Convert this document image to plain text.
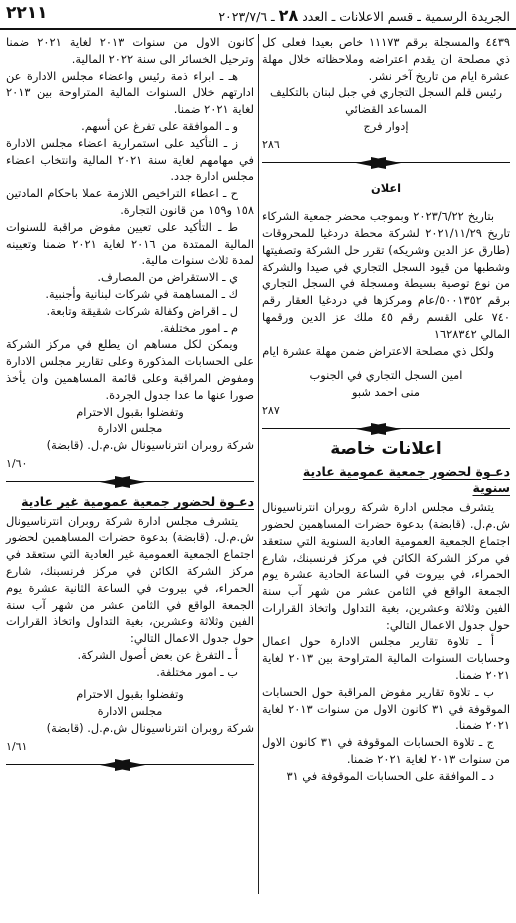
الجريدة الرسمية ـ قسم الاعلانات ـ العدد ٢٨ ـ ٢٠٢٣/٧/٦
٢٢١١

٤٤٣٩ والمسجلة برقم ١١١٧٣ خاص بعيدا فعلى كل ذي مصلحة ان يقدم اعتراضه وملاحظاته خلال مهلة عشرة ايام من تاريخ آخر نشر.

رئيس قلم السجل التجاري في جبل لبنان بالتكليف

المساعد القضائي

إدوار فرج

٢٨٦

اعلان

بتاريخ ٢٠٢٣/٦/٢٢ وبموجب محضر جمعية الشركاء تاريخ ٢٠٢١/١١/٢٩ لشركة محطة دردغيا للمحروقات (طارق عز الدين وشريكه) تقرر حل الشركة وتصفيتها وشطبها من قيود السجل التجاري في صيدا والشركة من نوع توصية بسيطة ومسجلة في السجل التجاري برقم ٥٠٠١٣٥٢/عام ومركزها في دردغيا العقار رقم ٧٤٠ على القسم رقم ٤٥ ملك عز الدين ورقمها المالي ١٦٢٨٣٤٢

ولكل ذي مصلحة الاعتراض ضمن مهلة عشرة ايام

امين السجل التجاري في الجنوب

منى احمد شبو

٢٨٧
اعلانات خاصة
دعـوة لحضور جمعية عمومية عادية سنوية

يتشرف مجلس ادارة شركة روبران انترناسيونال ش.م.ل. (قابضة) بدعوة حضرات المساهمين لحضور اجتماع الجمعية العمومية العادية السنوية التي ستعقد في مركز الشركة الكائن في مركز فرنسبنك، شارع الحمراء، في بيروت في الساعة الحادية عشرة يوم الجمعة الواقع في الثامن عشر من شهر آب سنة الفين وثلاثة وعشرين، بغية التداول واتخاذ القرارات حول جدول الاعمال التالي:

أ ـ تلاوة تقارير مجلس الادارة حول اعمال وحسابات السنوات المالية المتراوحة بين ٢٠١٣ لغاية ٢٠٢١ ضمنا.

ب ـ تلاوة تقارير مفوض المراقبة حول الحسابات الموقوفة في ٣١ كانون الاول من سنوات ٢٠١٣ لغاية ٢٠٢١ ضمنا.

ج ـ تلاوة الحسابات الموقوفة في ٣١ كانون الاول من سنوات ٢٠١٣ لغاية ٢٠٢١ ضمنا.

د ـ الموافقة على الحسابات الموقوفة في ٣١

كانون الاول من سنوات ٢٠١٣ لغاية ٢٠٢١ ضمنا وترحيل الخسائر الى سنة ٢٠٢٢ المالية.

هـ ـ ابراء ذمة رئيس واعضاء مجلس الادارة عن ادارتهم خلال السنوات المالية المتراوحة بين ٢٠١٣ لغاية ٢٠٢١ ضمنا.

و ـ الموافقة على تفرغ عن أسهم.

ز ـ التأكيد على استمرارية اعضاء مجلس الادارة في مهامهم لغاية سنة ٢٠٢١ المالية وانتخاب اعضاء مجلس ادارة جدد.

ح ـ اعطاء التراخيص اللازمة عملا باحكام المادتين ١٥٨ و١٥٩ من قانون التجارة.

ط ـ التأكيد على تعيين مفوض مراقبة للسنوات المالية الممتدة من ٢٠١٦ لغاية ٢٠٢١ ضمنا وتعيينه لمدة ثلاث سنوات مالية.

ي ـ الاستقراض من المصارف.

ك ـ المساهمة في شركات لبنانية وأجنبية.

ل ـ اقراض وكفالة شركات شقيقة وتابعة.

م ـ امور مختلفة.

ويمكن لكل مساهم ان يطلع في مركز الشركة على الحسابات المذكورة وعلى تقارير مجلس الادارة ومفوض المراقبة وعلى قائمة المساهمين وان يأخذ صورا عنها ما عدا جدول الجردة.

وتفضلوا بقبول الاحترام

مجلس الادارة

شركة روبران انترناسيونال ش.م.ل. (قابضة)

١/٦٠
دعـوة لحضور جمعية عمومية غير عادية

يتشرف مجلس ادارة شركة روبران انترناسيونال ش.م.ل. (قابضة) بدعوة حضرات المساهمين لحضور اجتماع الجمعية العمومية غير العادية التي ستعقد في مركز الشركة الكائن في مركز فرنسبنك، شارع الحمراء، في بيروت في الساعة الثانية عشرة يوم الجمعة الواقع في الثامن عشر من شهر آب سنة الفين وثلاثة وعشرين، بغية التداول واتخاذ القرارات حول جدول الاعمال التالي:

أ ـ التفرغ عن بعض أصول الشركة.

ب ـ امور مختلفة.

وتفضلوا بقبول الاحترام

مجلس الادارة

شركة روبران انترناسيونال ش.م.ل. (قابضة)

١/٦١
